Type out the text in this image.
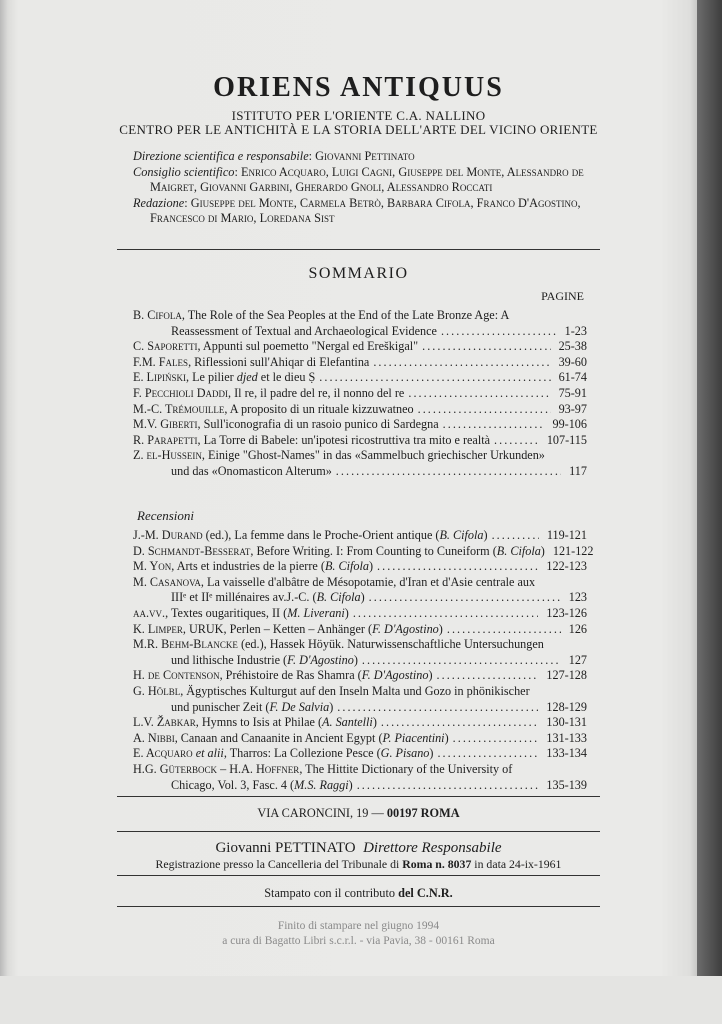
ORIENS ANTIQUUS
ISTITUTO PER L'ORIENTE C.A. NALLINO
CENTRO PER LE ANTICHITÀ E LA STORIA DELL'ARTE DEL VICINO ORIENTE
Direzione scientifica e responsabile: Giovanni Pettinato
Consiglio scientifico: Enrico Acquaro, Luigi Cagni, Giuseppe del Monte, Alessandro de
Maigret, Giovanni Garbini, Gherardo Gnoli, Alessandro Roccati
Redazione: Giuseppe del Monte, Carmela Betrò, Barbara Cifola, Franco D'Agostino,
Francesco di Mario, Loredana Sist
SOMMARIO
PAGINE
B. Cifola, The Role of the Sea Peoples at the End of the Late Bronze Age: A
Reassessment of Textual and Archaeological Evidence . . .	1-23
C. Saporetti, Appunti sul poemetto "Nergal ed Ereškigal" . . .	25-38
F.M. Fales, Riflessioni sull'Ahiqar di Elefantina . . .	39-60
E. Lipiński, Le pilier djed et le dieu Ṣ . . .	61-74
F. Pecchioli Daddi, Il re, il padre del re, il nonno del re . . .	75-91
M.-C. Trémouille, A proposito di un rituale kizzuwatneo . . .	93-97
M.V. Giberti, Sull'iconografia di un rasoio punico di Sardegna . . .	99-106
R. Parapetti, La Torre di Babele: un'ipotesi ricostruttiva tra mito e realtà . . .	107-115
Z. el-Hussein, Einige "Ghost-Names" in das «Sammelbuch griechischer Urkunden»
und das «Onomasticon Alterum» . . .	117
Recensioni
J.-M. Durand (ed.), La femme dans le Proche-Orient antique (B. Cifola) . . .	119-121
D. Schmandt-Besserat, Before Writing. I: From Counting to Cuneiform (B. Cifola) 121-122
M. Yon, Arts et industries de la pierre (B. Cifola) . . .	122-123
M. Casanova, La vaisselle d'albâtre de Mésopotamie, d'Iran et d'Asie centrale aux
IIIᵉ et IIᵉ millénaires av.J.-C. (B. Cifola) . . .	123
aa.vv., Textes ougaritiques, II (M. Liverani) . . .	123-126
K. Limper, URUK, Perlen – Ketten – Anhänger (F. D'Agostino) . . .	126
M.R. Behm-Blancke (ed.), Hassek Höyük. Naturwissenschaftliche Untersuchungen
und lithische Industrie (F. D'Agostino) . . .	127
H. de Contenson, Préhistoire de Ras Shamra (F. D'Agostino) . . .	127-128
G. Hölbl, Ägyptisches Kulturgut auf den Inseln Malta und Gozo in phönikischer
und punischer Zeit (F. De Salvia) . . .	128-129
L.V. Žabkar, Hymns to Isis at Philae (A. Santelli) . . .	130-131
A. Nibbi, Canaan and Canaanite in Ancient Egypt (P. Piacentini) . . .	131-133
E. Acquaro et alii, Tharros: La Collezione Pesce (G. Pisano) . . .	133-134
H.G. Güterbock – H.A. Hoffner, The Hittite Dictionary of the University of
Chicago, Vol. 3, Fasc. 4 (M.S. Raggi) . . .	135-139
VIA CARONCINI, 19 — 00197 ROMA
Giovanni PETTINATO Direttore Responsabile
Registrazione presso la Cancelleria del Tribunale di Roma n. 8037 in data 24-ix-1961
Stampato con il contributo del C.N.R.
Finito di stampare nel giugno 1994
a cura di Bagatto Libri s.c.r.l. - via Pavia, 38 - 00161 Roma
